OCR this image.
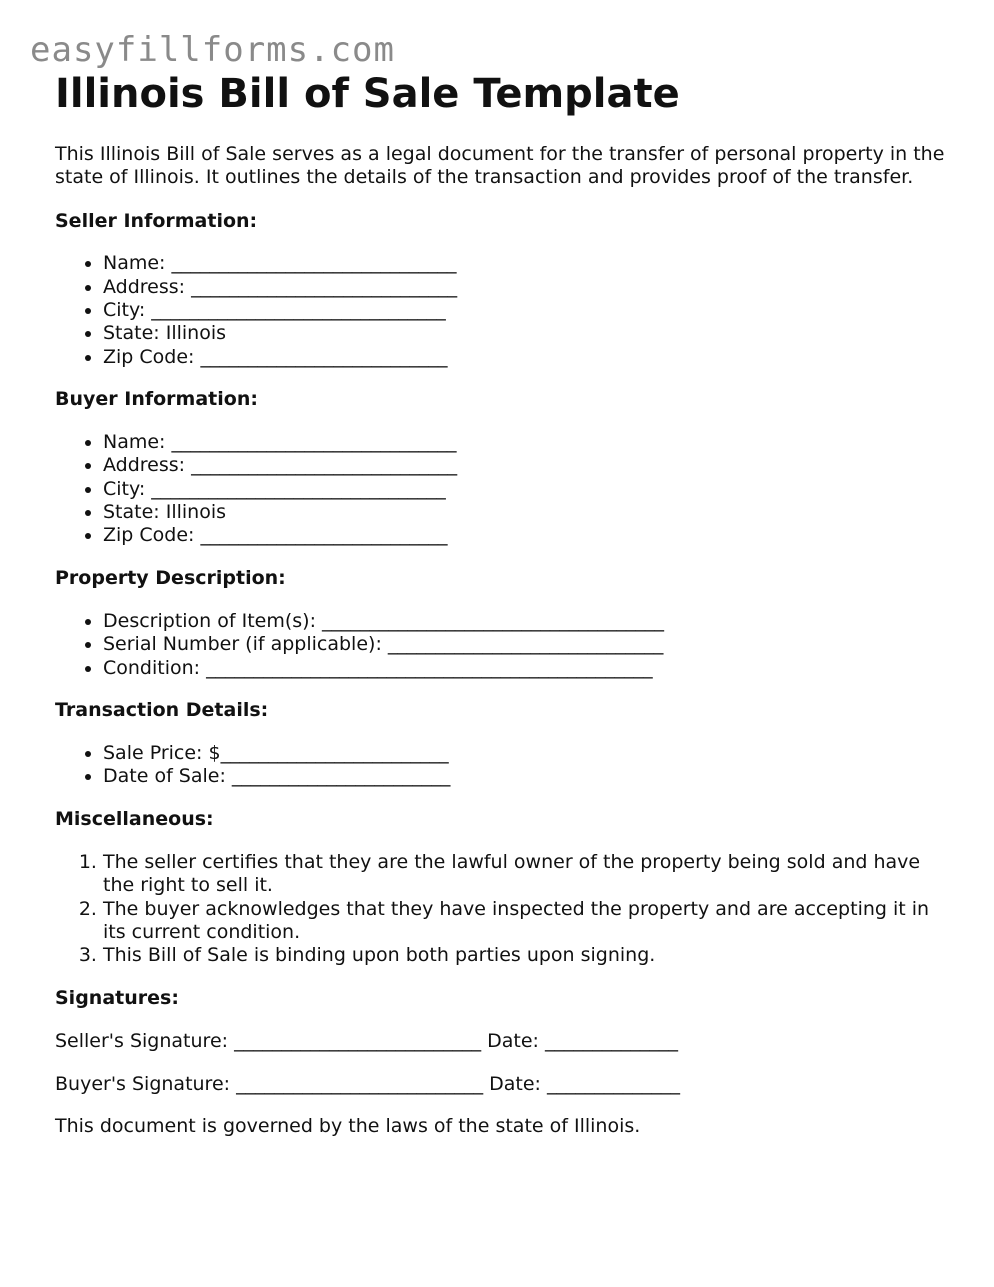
easyfillforms.com
Illinois Bill of Sale Template

This Illinois Bill of Sale serves as a legal document for the transfer of personal property in the state of Illinois. It outlines the details of the transaction and provides proof of the transfer.

Seller Information:

• Name: ______________________________
• Address: ____________________________
• City: _______________________________
• State: Illinois
• Zip Code: __________________________

Buyer Information:

• Name: ______________________________
• Address: ____________________________
• City: _______________________________
• State: Illinois
• Zip Code: __________________________

Property Description:

• Description of Item(s): ____________________________________
• Serial Number (if applicable): _____________________________
• Condition: _______________________________________________

Transaction Details:

• Sale Price: $________________________
• Date of Sale: _______________________

Miscellaneous:

1. The seller certifies that they are the lawful owner of the property being sold and have the right to sell it.
2. The buyer acknowledges that they have inspected the property and are accepting it in its current condition.
3. This Bill of Sale is binding upon both parties upon signing.

Signatures:

Seller's Signature: __________________________ Date: ______________

Buyer's Signature: __________________________ Date: ______________

This document is governed by the laws of the state of Illinois.
